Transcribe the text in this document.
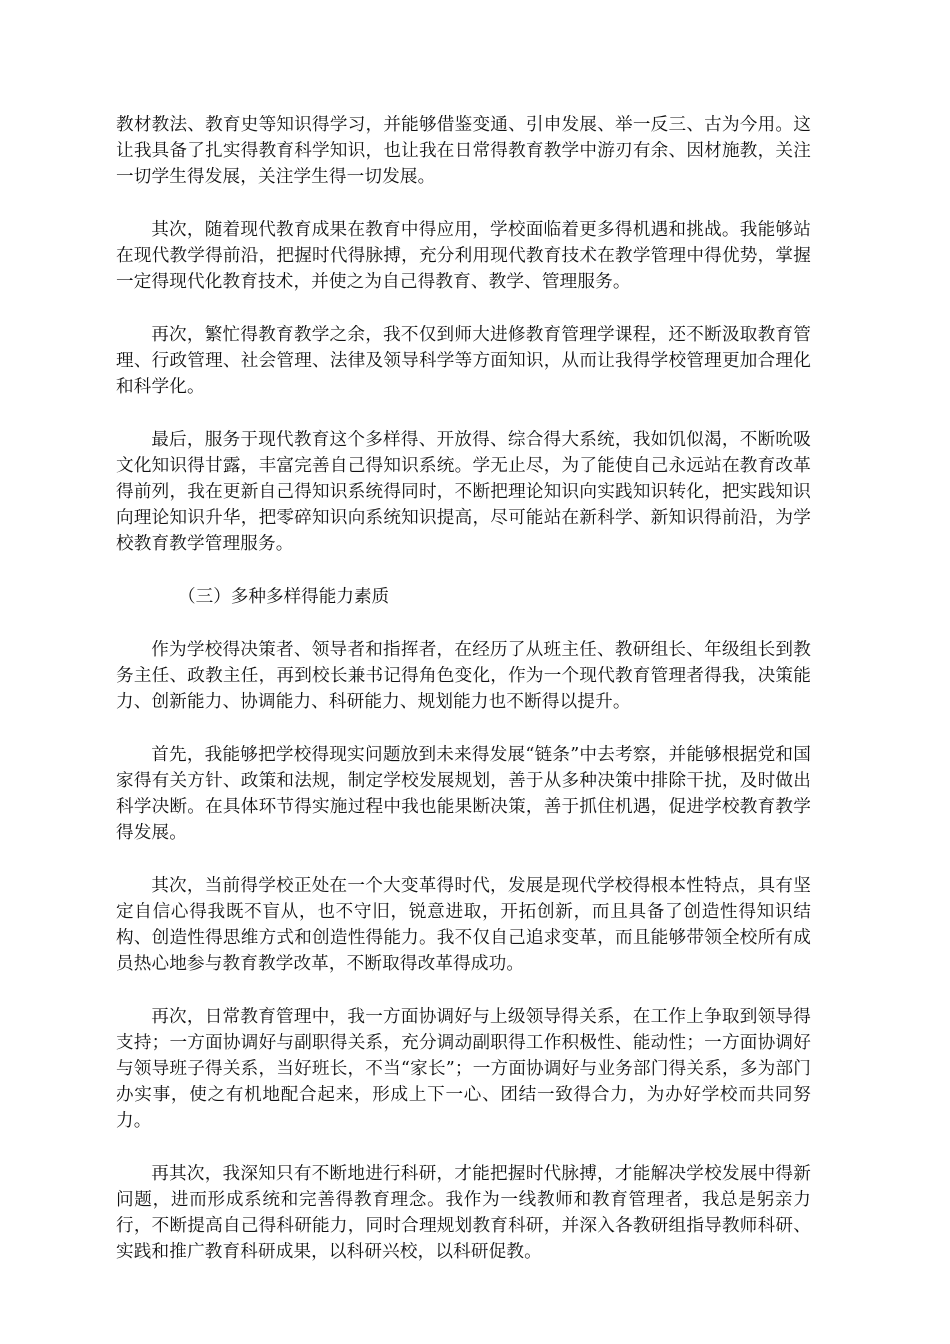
教材教法、教育史等知识得学习，并能够借鉴变通、引申发展、举一反三、古为今用。这让我具备了扎实得教育科学知识，也让我在日常得教育教学中游刃有余、因材施教，关注一切学生得发展，关注学生得一切发展。

其次，随着现代教育成果在教育中得应用，学校面临着更多得机遇和挑战。我能够站在现代教学得前沿，把握时代得脉搏，充分利用现代教育技术在教学管理中得优势，掌握一定得现代化教育技术，并使之为自己得教育、教学、管理服务。

再次，繁忙得教育教学之余，我不仅到师大进修教育管理学课程，还不断汲取教育管理、行政管理、社会管理、法律及领导科学等方面知识，从而让我得学校管理更加合理化和科学化。

最后，服务于现代教育这个多样得、开放得、综合得大系统，我如饥似渴，不断吮吸文化知识得甘露，丰富完善自己得知识系统。学无止尽，为了能使自己永远站在教育改革得前列，我在更新自己得知识系统得同时，不断把理论知识向实践知识转化，把实践知识向理论知识升华，把零碎知识向系统知识提高，尽可能站在新科学、新知识得前沿，为学校教育教学管理服务。

（三）多种多样得能力素质

作为学校得决策者、领导者和指挥者，在经历了从班主任、教研组长、年级组长到教务主任、政教主任，再到校长兼书记得角色变化，作为一个现代教育管理者得我，决策能力、创新能力、协调能力、科研能力、规划能力也不断得以提升。

首先，我能够把学校得现实问题放到未来得发展“链条”中去考察，并能够根据党和国家得有关方针、政策和法规，制定学校发展规划，善于从多种决策中排除干扰，及时做出科学决断。在具体环节得实施过程中我也能果断决策，善于抓住机遇，促进学校教育教学得发展。

其次，当前得学校正处在一个大变革得时代，发展是现代学校得根本性特点，具有坚定自信心得我既不盲从，也不守旧，锐意进取，开拓创新，而且具备了创造性得知识结构、创造性得思维方式和创造性得能力。我不仅自己追求变革，而且能够带领全校所有成员热心地参与教育教学改革，不断取得改革得成功。

再次，日常教育管理中，我一方面协调好与上级领导得关系，在工作上争取到领导得支持；一方面协调好与副职得关系，充分调动副职得工作积极性、能动性；一方面协调好与领导班子得关系，当好班长，不当“家长”；一方面协调好与业务部门得关系，多为部门办实事，使之有机地配合起来，形成上下一心、团结一致得合力，为办好学校而共同努力。

再其次，我深知只有不断地进行科研，才能把握时代脉搏，才能解决学校发展中得新问题，进而形成系统和完善得教育理念。我作为一线教师和教育管理者，我总是躬亲力行，不断提高自己得科研能力，同时合理规划教育科研，并深入各教研组指导教师科研、实践和推广教育科研成果，以科研兴校，以科研促教。
